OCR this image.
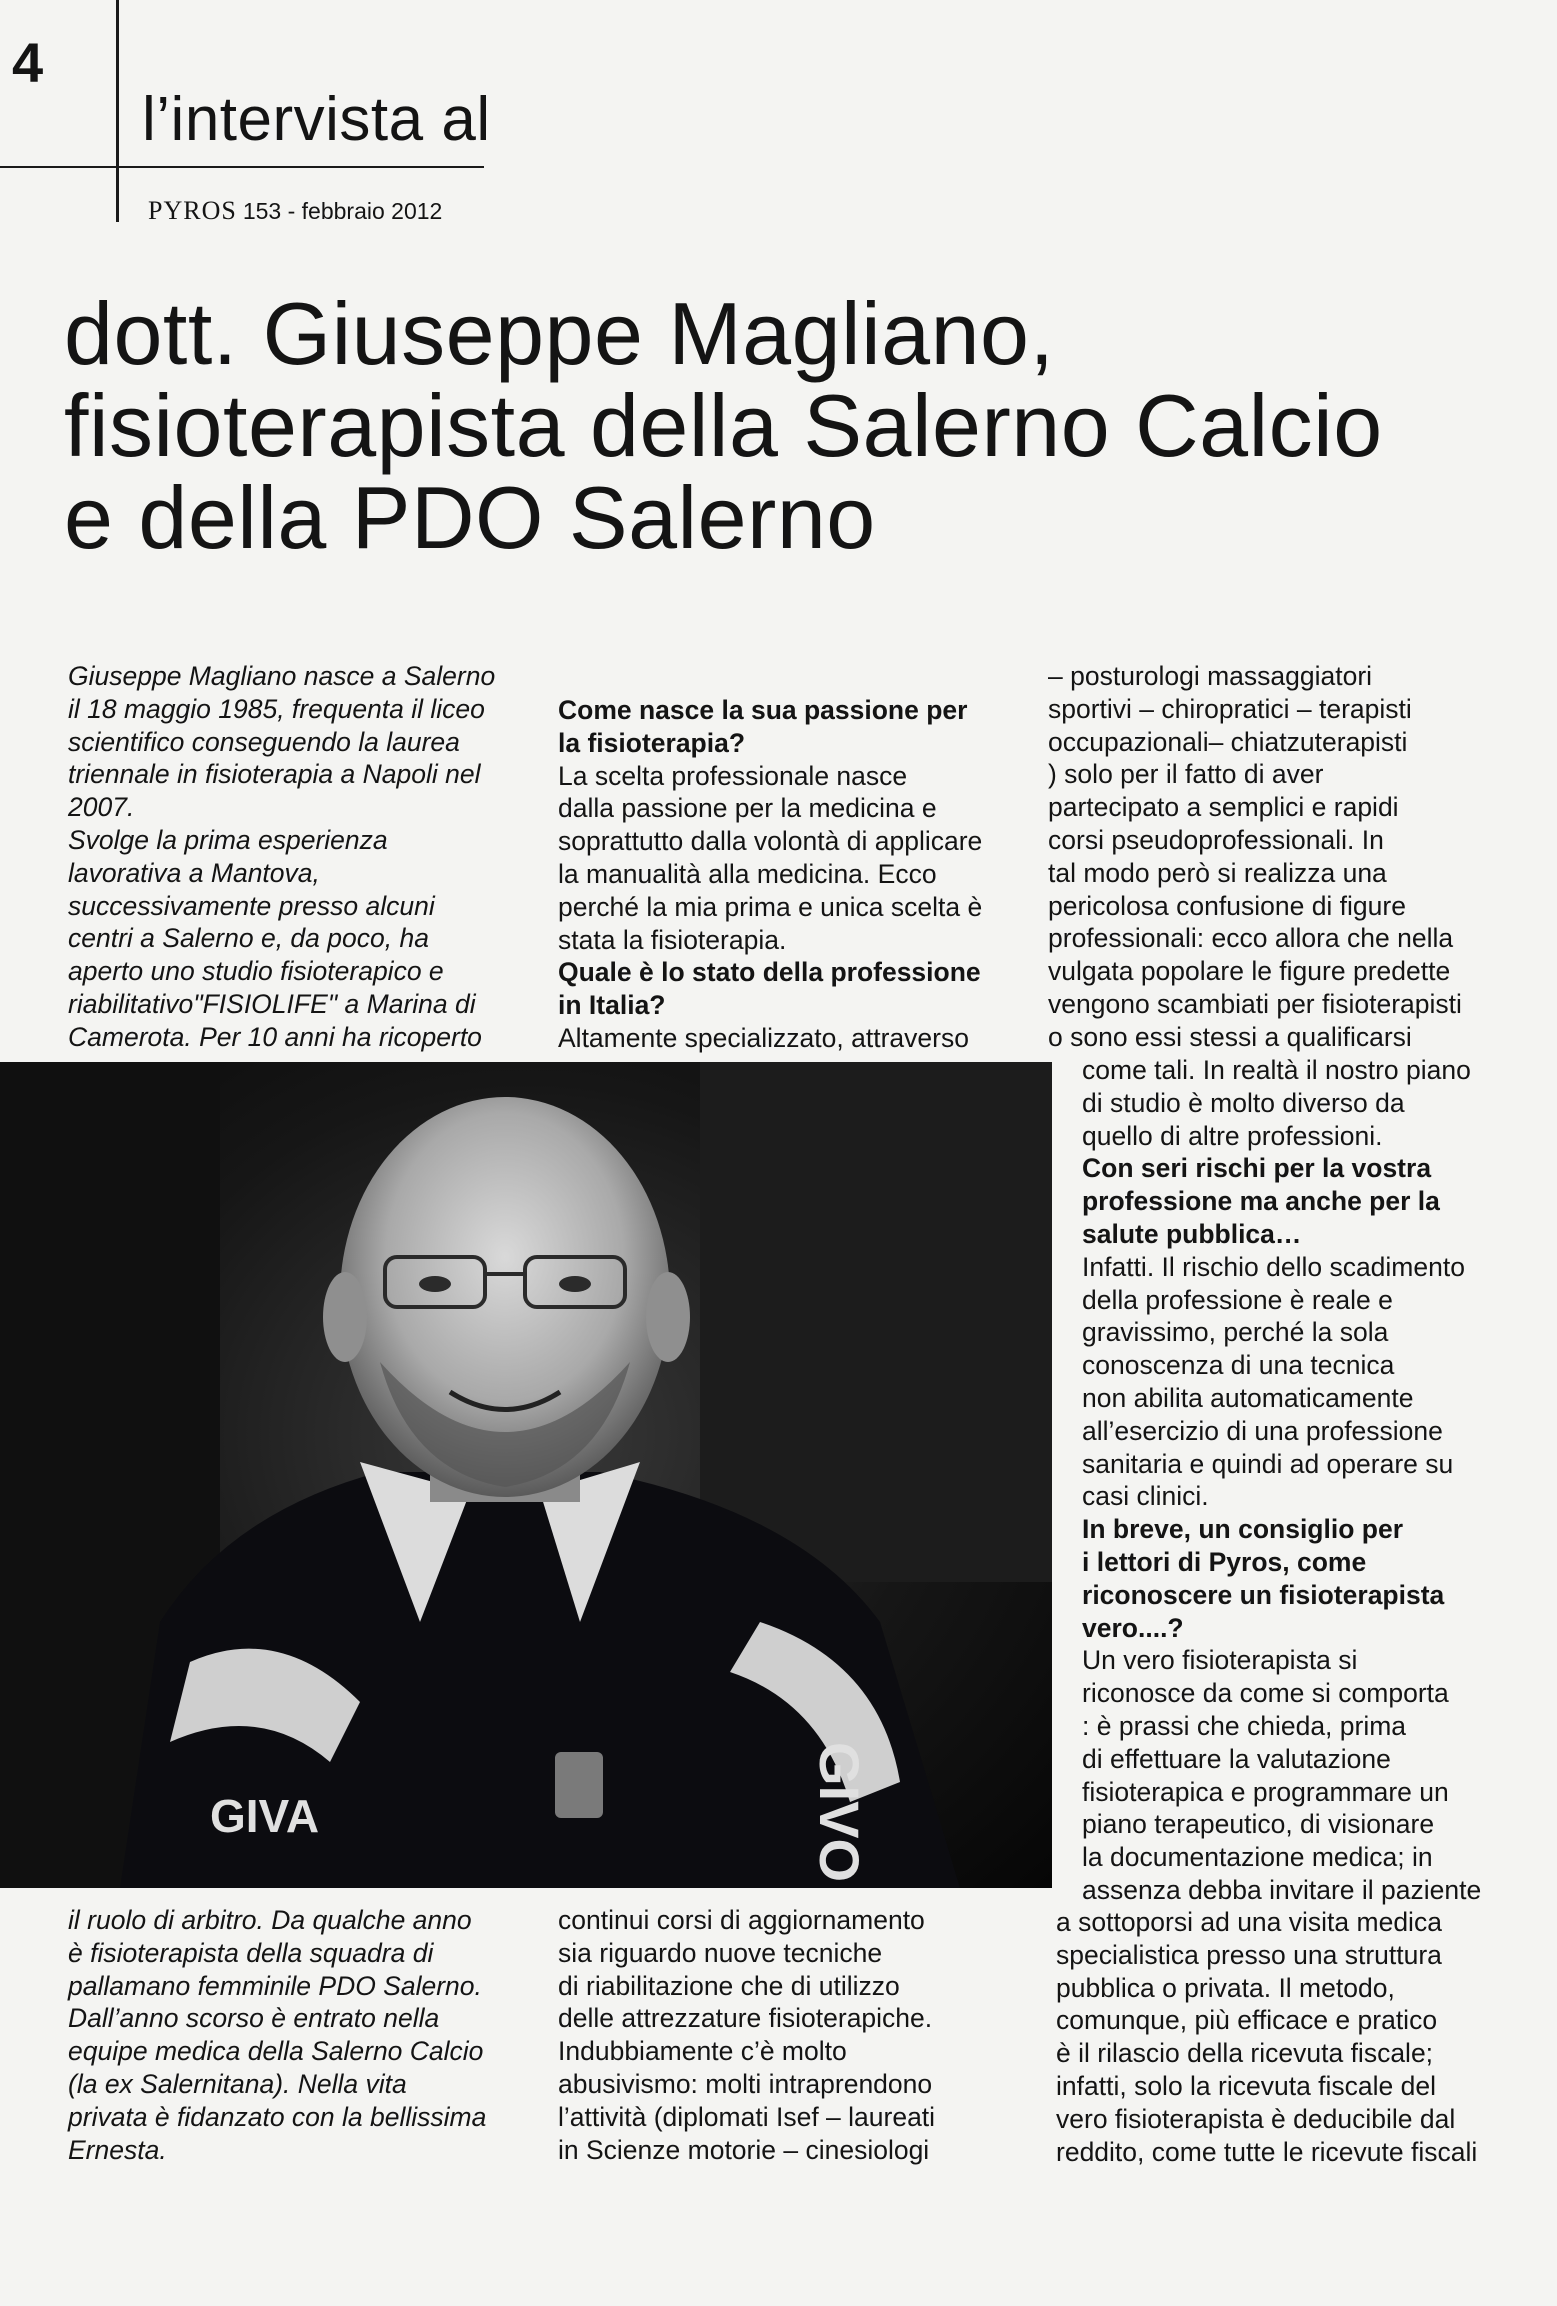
4
l’intervista al
PYROS 153 - febbraio 2012
dott. Giuseppe Magliano,
fisioterapista della Salerno Calcio
e della PDO Salerno

Giuseppe Magliano nasce a Salerno

il 18 maggio 1985, frequenta il liceo

scientifico conseguendo la laurea

triennale in fisioterapia a Napoli nel

2007.

Svolge la prima esperienza

lavorativa a Mantova,

successivamente presso alcuni

centri a Salerno e, da poco, ha

aperto uno studio fisioterapico e

riabilitativo"FISIOLIFE" a Marina di

Camerota. Per 10 anni ha ricoperto

il ruolo di arbitro. Da qualche anno

è fisioterapista della squadra di

pallamano femminile PDO Salerno.

Dall’anno scorso è entrato nella

equipe medica della Salerno Calcio

(la ex Salernitana). Nella vita

privata è fidanzato con la bellissima

Ernesta.

Come nasce la sua passione per

la fisioterapia?

La scelta professionale nasce

dalla passione per la medicina e

soprattutto dalla volontà di applicare

la manualità alla medicina. Ecco

perché la mia prima e unica scelta è

stata la fisioterapia.

Quale è lo stato della professione

in Italia?

Altamente specializzato, attraverso

continui corsi di aggiornamento

sia riguardo nuove tecniche

di riabilitazione che di utilizzo

delle attrezzature fisioterapiche.

Indubbiamente c’è molto

abusivismo: molti intraprendono

l’attività (diplomati Isef – laureati

in Scienze motorie – cinesiologi

– posturologi massaggiatori

sportivi – chiropratici – terapisti

occupazionali– chiatzuterapisti

) solo per il fatto di aver

partecipato a semplici e rapidi

corsi pseudoprofessionali. In

tal modo però si realizza una

pericolosa confusione di figure

professionali: ecco allora che nella

vulgata popolare le figure predette

vengono scambiati per fisioterapisti

o sono essi stessi a qualificarsi

come tali. In realtà il nostro piano

di studio è molto diverso da

quello di altre professioni.

Con seri rischi per la vostra

professione ma anche per la

salute pubblica…

Infatti. Il rischio dello scadimento

della professione è reale e

gravissimo, perché la sola

conoscenza di una tecnica

non abilita automaticamente

all’esercizio di una professione

sanitaria e quindi ad operare su

casi clinici.

In breve, un consiglio per

i lettori di Pyros, come

riconoscere un fisioterapista

vero....?

Un vero fisioterapista si

riconosce da come si comporta

: è prassi che chieda, prima

di effettuare la valutazione

fisioterapica e programmare un

piano terapeutico, di visionare

la documentazione medica; in

assenza debba invitare il paziente

a sottoporsi ad una visita medica

specialistica presso una struttura

pubblica o privata. Il metodo,

comunque, più efficace e pratico

è il rilascio della ricevuta fiscale;

infatti, solo la ricevuta fiscale del

vero fisioterapista è deducibile dal

reddito, come tutte le ricevute fiscali

GIVA	GIVO
